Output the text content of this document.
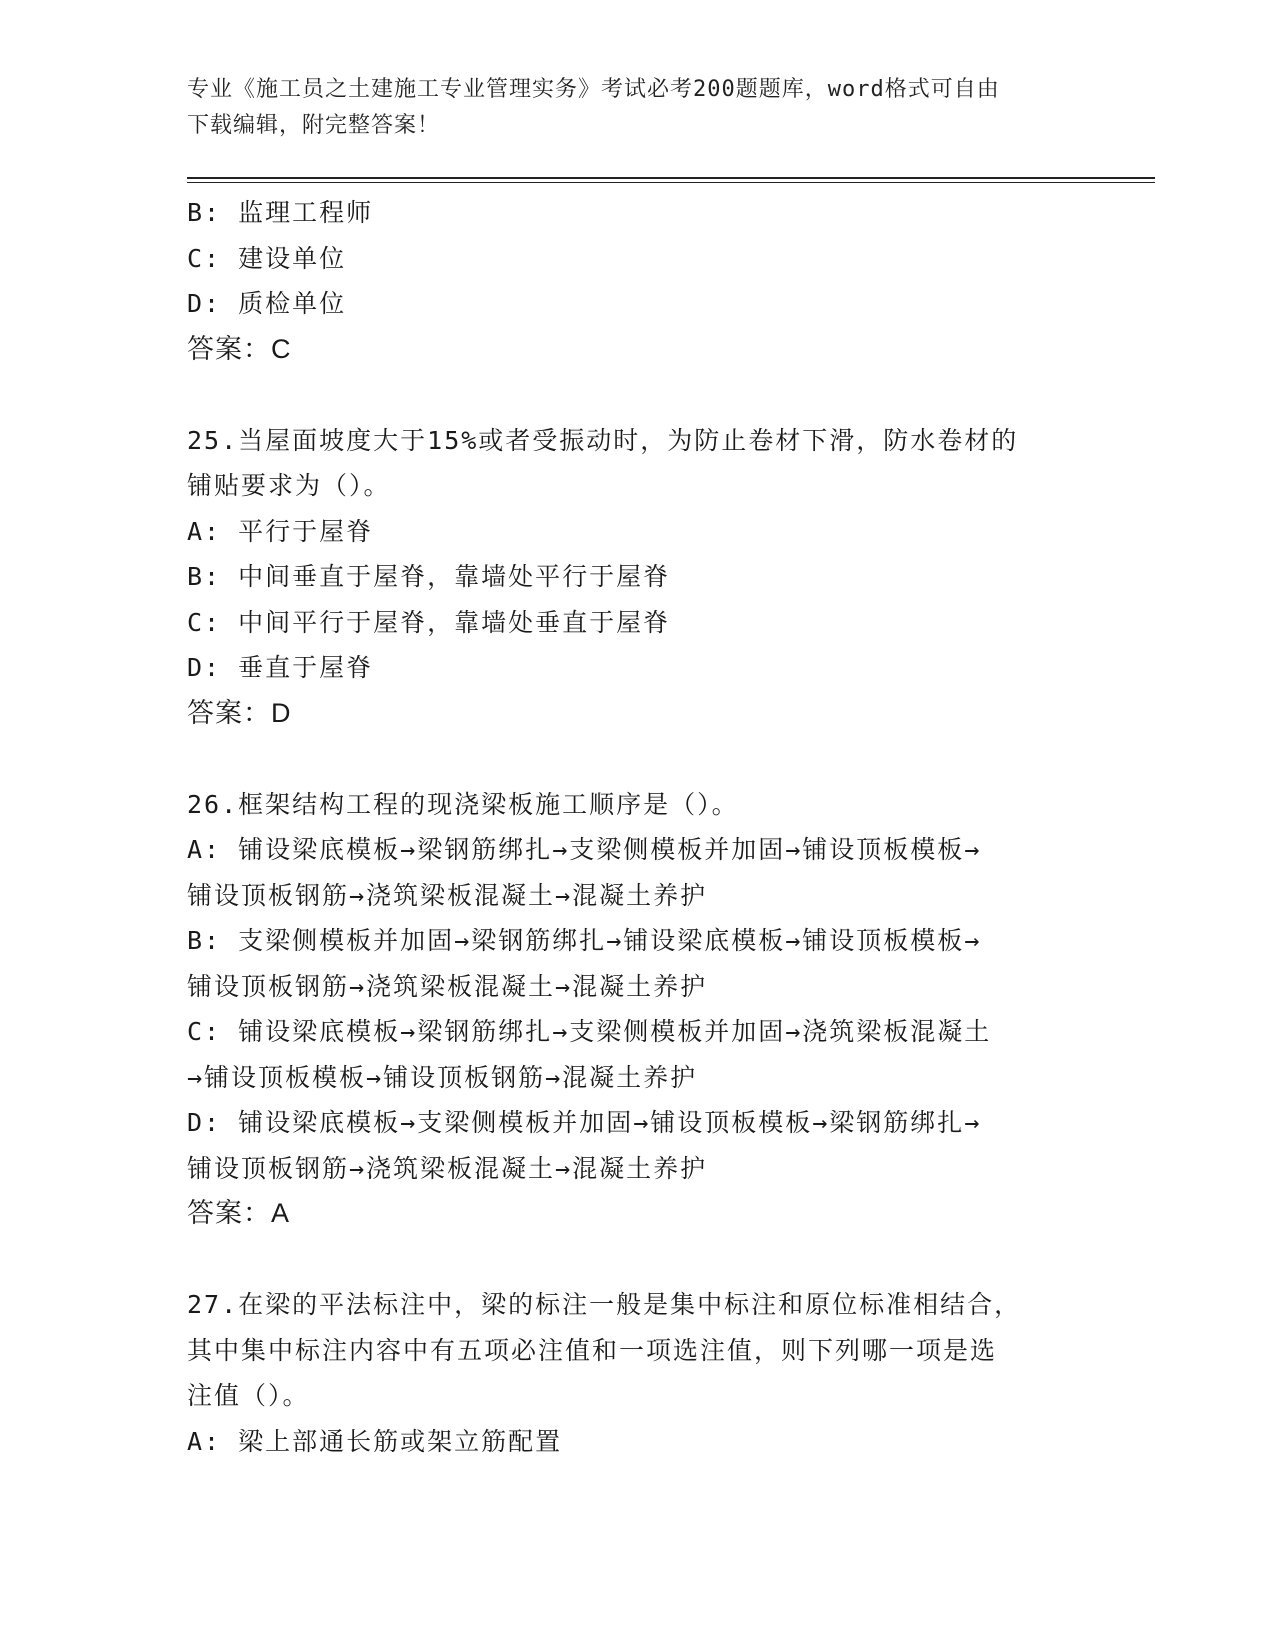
专业《施工员之土建施工专业管理实务》考试必考200题题库，word格式可自由
下载编辑，附完整答案！
B: 监理工程师
C: 建设单位
D: 质检单位
答案：C
25.当屋面坡度大于15%或者受振动时，为防止卷材下滑，防水卷材的
铺贴要求为（）。
A: 平行于屋脊
B: 中间垂直于屋脊，靠墙处平行于屋脊
C: 中间平行于屋脊，靠墙处垂直于屋脊
D: 垂直于屋脊
答案：D
26.框架结构工程的现浇梁板施工顺序是（）。
A: 铺设梁底模板→梁钢筋绑扎→支梁侧模板并加固→铺设顶板模板→
铺设顶板钢筋→浇筑梁板混凝土→混凝土养护
B: 支梁侧模板并加固→梁钢筋绑扎→铺设梁底模板→铺设顶板模板→
铺设顶板钢筋→浇筑梁板混凝土→混凝土养护
C: 铺设梁底模板→梁钢筋绑扎→支梁侧模板并加固→浇筑梁板混凝土
→铺设顶板模板→铺设顶板钢筋→混凝土养护
D: 铺设梁底模板→支梁侧模板并加固→铺设顶板模板→梁钢筋绑扎→
铺设顶板钢筋→浇筑梁板混凝土→混凝土养护
答案：A
27.在梁的平法标注中，梁的标注一般是集中标注和原位标准相结合，
其中集中标注内容中有五项必注值和一项选注值，则下列哪一项是选
注值（）。
A: 梁上部通长筋或架立筋配置
